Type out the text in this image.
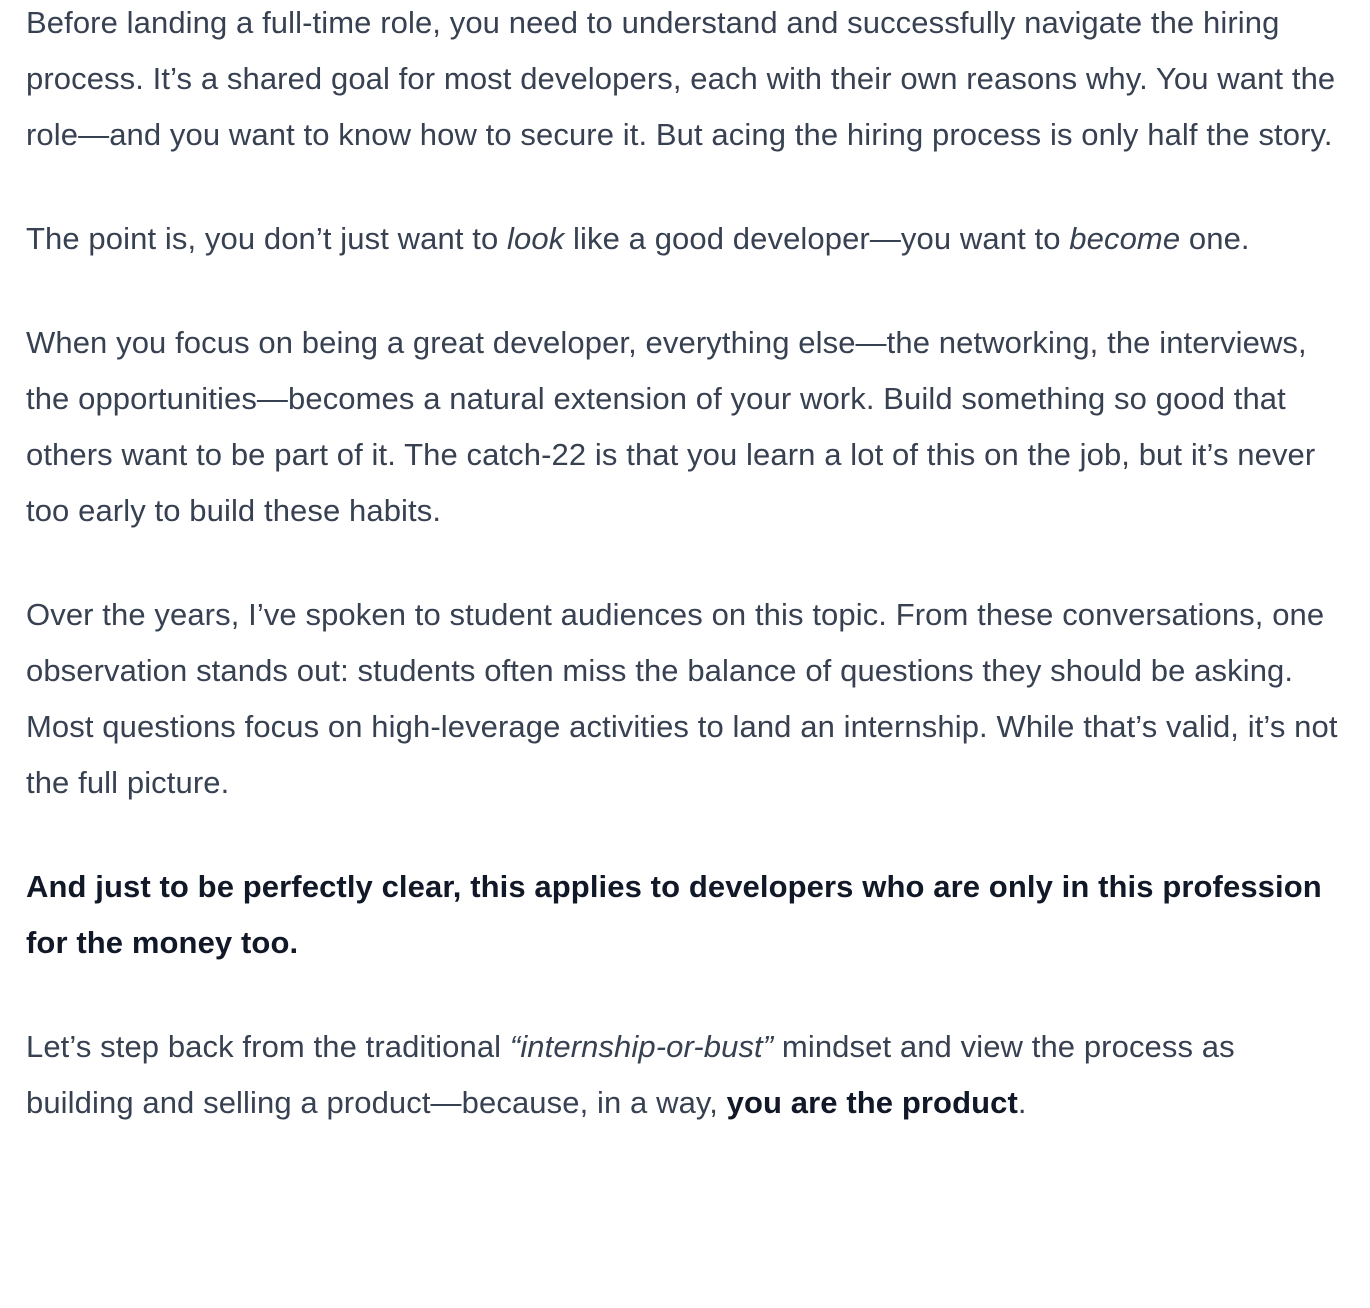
Before landing a full-time role, you need to understand and successfully navigate the hiring process. It’s a shared goal for most developers, each with their own reasons why. You want the role—and you want to know how to secure it. But acing the hiring process is only half the story.

The point is, you don’t just want to look like a good developer—you want to become one.

When you focus on being a great developer, everything else—the networking, the interviews, the opportunities—becomes a natural extension of your work. Build something so good that others want to be part of it. The catch-22 is that you learn a lot of this on the job, but it’s never too early to build these habits.

Over the years, I’ve spoken to student audiences on this topic. From these conversations, one observation stands out: students often miss the balance of questions they should be asking. Most questions focus on high-leverage activities to land an internship. While that’s valid, it’s not the full picture.

And just to be perfectly clear, this applies to developers who are only in this profession for the money too.

Let’s step back from the traditional “internship-or-bust” mindset and view the process as building and selling a product—because, in a way, you are the product.
